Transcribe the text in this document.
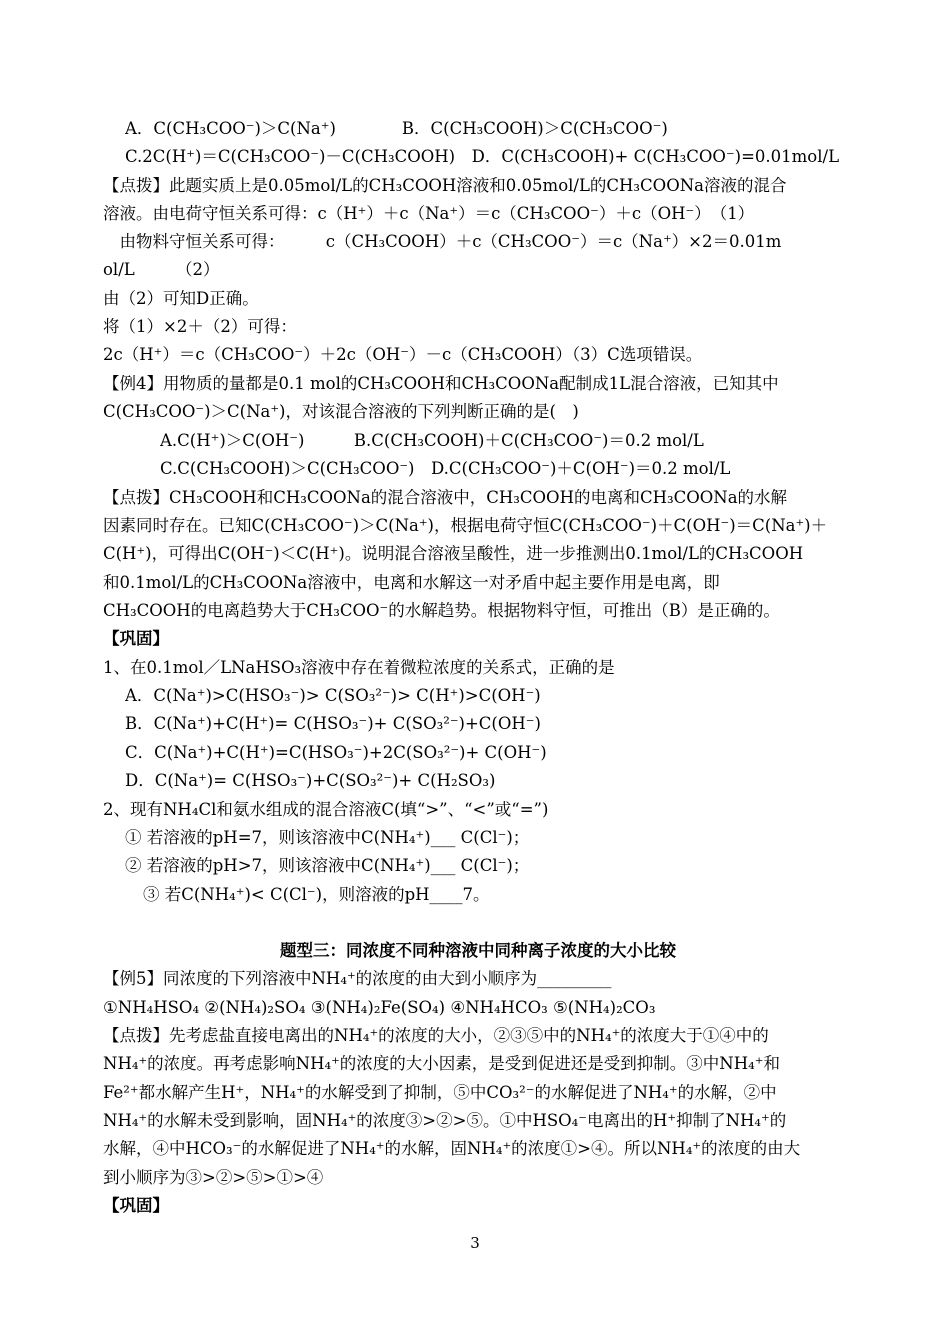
A．C(CH₃COO⁻)＞C(Na⁺)　　　　B．C(CH₃COOH)＞C(CH₃COO⁻)
C.2C(H⁺)＝C(CH₃COO⁻)－C(CH₃COOH)　D．C(CH₃COOH)+ C(CH₃COO⁻)=0.01mol/L
【点拨】此题实质上是0.05mol/L的CH₃COOH溶液和0.05mol/L的CH₃COONa溶液的混合
溶液。由电荷守恒关系可得：c（H⁺）＋c（Na⁺）＝c（CH₃COO⁻）＋c（OH⁻）　（1）
　由物料守恒关系可得：　　　c（CH₃COOH）＋c（CH₃COO⁻）＝c（Na⁺）×2＝0.01m
ol/L　　　（2）
由（2）可知D正确。
将（1）×2＋（2）可得：
2c（H⁺）＝c（CH₃COO⁻）＋2c（OH⁻）－c（CH₃COOH）（3）C选项错误。
【例4】用物质的量都是0.1 mol的CH₃COOH和CH₃COONa配制成1L混合溶液，已知其中
C(CH₃COO⁻)＞C(Na⁺)，对该混合溶液的下列判断正确的是(　)
A.C(H⁺)＞C(OH⁻)　　　B.C(CH₃COOH)＋C(CH₃COO⁻)＝0.2 mol/L
C.C(CH₃COOH)＞C(CH₃COO⁻)　D.C(CH₃COO⁻)＋C(OH⁻)＝0.2 mol/L
【点拨】CH₃COOH和CH₃COONa的混合溶液中，CH₃COOH的电离和CH₃COONa的水解
因素同时存在。已知C(CH₃COO⁻)＞C(Na⁺)，根据电荷守恒C(CH₃COO⁻)＋C(OH⁻)＝C(Na⁺)＋
C(H⁺)，可得出C(OH⁻)＜C(H⁺)。说明混合溶液呈酸性，进一步推测出0.1mol/L的CH₃COOH
和0.1mol/L的CH₃COONa溶液中，电离和水解这一对矛盾中起主要作用是电离，即
CH₃COOH的电离趋势大于CH₃COO⁻的水解趋势。根据物料守恒，可推出（B）是正确的。
【巩固】
1、在0.1mol／LNaHSO₃溶液中存在着微粒浓度的关系式，正确的是
A．C(Na⁺)>C(HSO₃⁻)> C(SO₃²⁻)> C(H⁺)>C(OH⁻)
B．C(Na⁺)+C(H⁺)= C(HSO₃⁻)+ C(SO₃²⁻)+C(OH⁻)
C．C(Na⁺)+C(H⁺)=C(HSO₃⁻)+2C(SO₃²⁻)+ C(OH⁻)
D．C(Na⁺)= C(HSO₃⁻)+C(SO₃²⁻)+ C(H₂SO₃)
2、现有NH₄Cl和氨水组成的混合溶液C(填“>”、“<”或“=”)
① 若溶液的pH=7，则该溶液中C(NH₄⁺)___ C(Cl⁻)；
② 若溶液的pH>7，则该溶液中C(NH₄⁺)___ C(Cl⁻)；
③ 若C(NH₄⁺)< C(Cl⁻)，则溶液的pH____7。
题型三：同浓度不同种溶液中同种离子浓度的大小比较
【例5】同浓度的下列溶液中NH₄⁺的浓度的由大到小顺序为_________
①NH₄HSO₄ ②(NH₄)₂SO₄ ③(NH₄)₂Fe(SO₄) ④NH₄HCO₃ ⑤(NH₄)₂CO₃
【点拨】先考虑盐直接电离出的NH₄⁺的浓度的大小，②③⑤中的NH₄⁺的浓度大于①④中的
NH₄⁺的浓度。再考虑影响NH₄⁺的浓度的大小因素，是受到促进还是受到抑制。③中NH₄⁺和
Fe²⁺都水解产生H⁺，NH₄⁺的水解受到了抑制，⑤中CO₃²⁻的水解促进了NH₄⁺的水解，②中
NH₄⁺的水解未受到影响，固NH₄⁺的浓度③>②>⑤。①中HSO₄⁻电离出的H⁺抑制了NH₄⁺的
水解，④中HCO₃⁻的水解促进了NH₄⁺的水解，固NH₄⁺的浓度①>④。所以NH₄⁺的浓度的由大
到小顺序为③>②>⑤>①>④
【巩固】
3
